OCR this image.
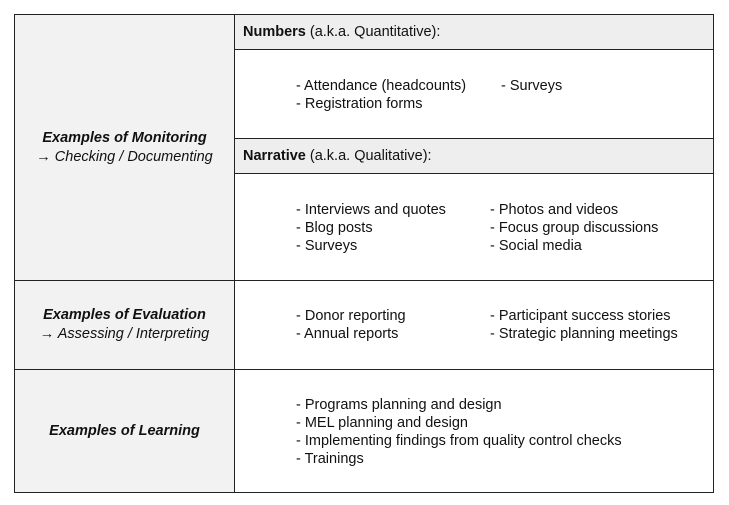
Examples of Monitoring
→ Checking / Documenting
Numbers (a.k.a. Quantitative):
- Attendance (headcounts)
- Registration forms
- Surveys
Narrative (a.k.a. Qualitative):
- Interviews and quotes
- Blog posts
- Surveys
- Photos and videos
- Focus group discussions
- Social media
Examples of Evaluation
→ Assessing / Interpreting
- Donor reporting
- Annual reports
- Participant success stories
- Strategic planning meetings
Examples of Learning
- Programs planning and design
- MEL planning and design
- Implementing findings from quality control checks
- Trainings
